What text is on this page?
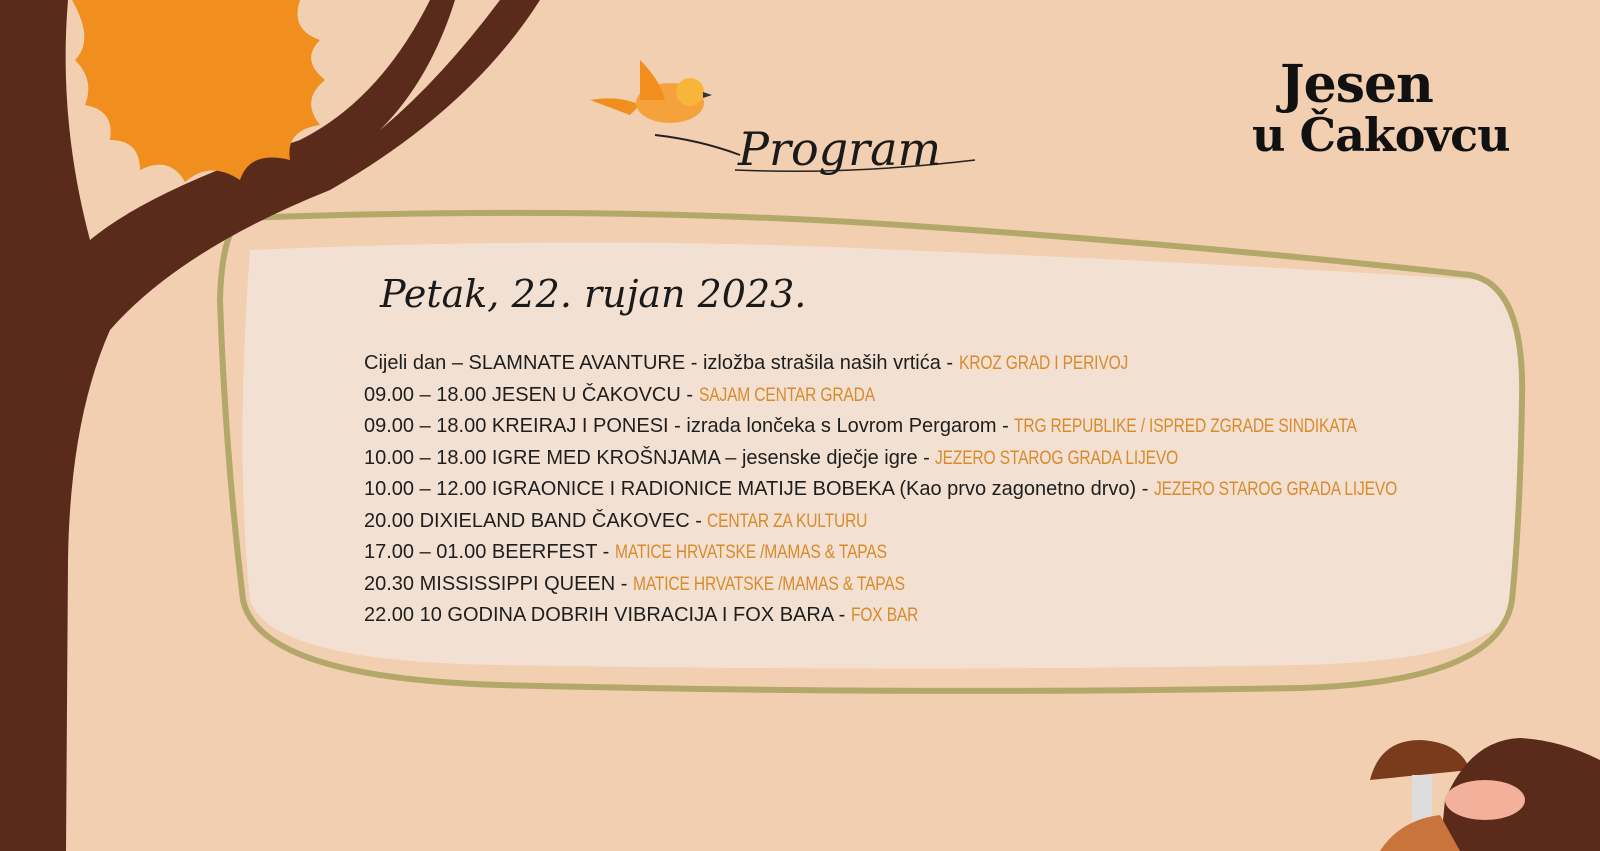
Jesen
u Čakovcu
Program
Petak, 22. rujan 2023.
Cijeli dan – SLAMNATE AVANTURE - izložba strašila naših vrtića - KROZ GRAD I PERIVOJ
09.00 – 18.00 JESEN U ČAKOVCU - SAJAM CENTAR GRADA
09.00 – 18.00 KREIRAJ I PONESI - izrada lončeka s Lovrom Pergarom - TRG REPUBLIKE / ISPRED ZGRADE SINDIKATA
10.00 – 18.00 IGRE MED KROŠNJAMA – jesenske dječje igre - JEZERO STAROG GRADA LIJEVO
10.00 – 12.00 IGRAONICE I RADIONICE MATIJE BOBEKA (Kao prvo zagonetno drvo) - JEZERO STAROG GRADA LIJEVO
20.00 DIXIELAND BAND ČAKOVEC - CENTAR ZA KULTURU
17.00 – 01.00 BEERFEST - MATICE HRVATSKE /MAMAS & TAPAS
20.30 MISSISSIPPI QUEEN - MATICE HRVATSKE /MAMAS & TAPAS
22.00 10 GODINA DOBRIH VIBRACIJA I FOX BARA - FOX BAR
